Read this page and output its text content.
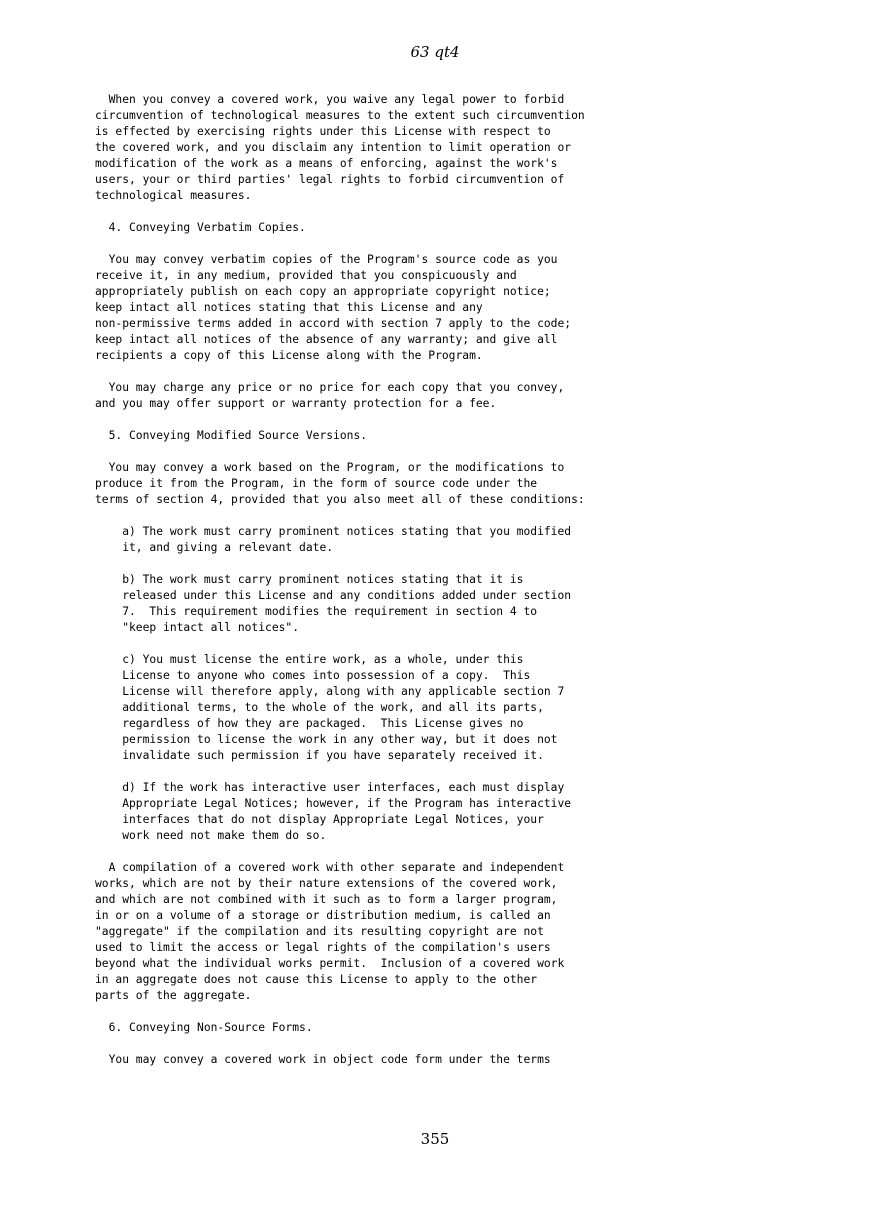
63 qt4
When you convey a covered work, you waive any legal power to forbid
circumvention of technological measures to the extent such circumvention
is effected by exercising rights under this License with respect to
the covered work, and you disclaim any intention to limit operation or
modification of the work as a means of enforcing, against the work's
users, your or third parties' legal rights to forbid circumvention of
technological measures.

4. Conveying Verbatim Copies.

You may convey verbatim copies of the Program's source code as you
receive it, in any medium, provided that you conspicuously and
appropriately publish on each copy an appropriate copyright notice;
keep intact all notices stating that this License and any
non-permissive terms added in accord with section 7 apply to the code;
keep intact all notices of the absence of any warranty; and give all
recipients a copy of this License along with the Program.

You may charge any price or no price for each copy that you convey,
and you may offer support or warranty protection for a fee.

5. Conveying Modified Source Versions.

You may convey a work based on the Program, or the modifications to
produce it from the Program, in the form of source code under the
terms of section 4, provided that you also meet all of these conditions:

a) The work must carry prominent notices stating that you modified
it, and giving a relevant date.

b) The work must carry prominent notices stating that it is
released under this License and any conditions added under section
7.  This requirement modifies the requirement in section 4 to
"keep intact all notices".

c) You must license the entire work, as a whole, under this
License to anyone who comes into possession of a copy.  This
License will therefore apply, along with any applicable section 7
additional terms, to the whole of the work, and all its parts,
regardless of how they are packaged.  This License gives no
permission to license the work in any other way, but it does not
invalidate such permission if you have separately received it.

d) If the work has interactive user interfaces, each must display
Appropriate Legal Notices; however, if the Program has interactive
interfaces that do not display Appropriate Legal Notices, your
work need not make them do so.

A compilation of a covered work with other separate and independent
works, which are not by their nature extensions of the covered work,
and which are not combined with it such as to form a larger program,
in or on a volume of a storage or distribution medium, is called an
"aggregate" if the compilation and its resulting copyright are not
used to limit the access or legal rights of the compilation's users
beyond what the individual works permit.  Inclusion of a covered work
in an aggregate does not cause this License to apply to the other
parts of the aggregate.

6. Conveying Non-Source Forms.

You may convey a covered work in object code form under the terms
355
